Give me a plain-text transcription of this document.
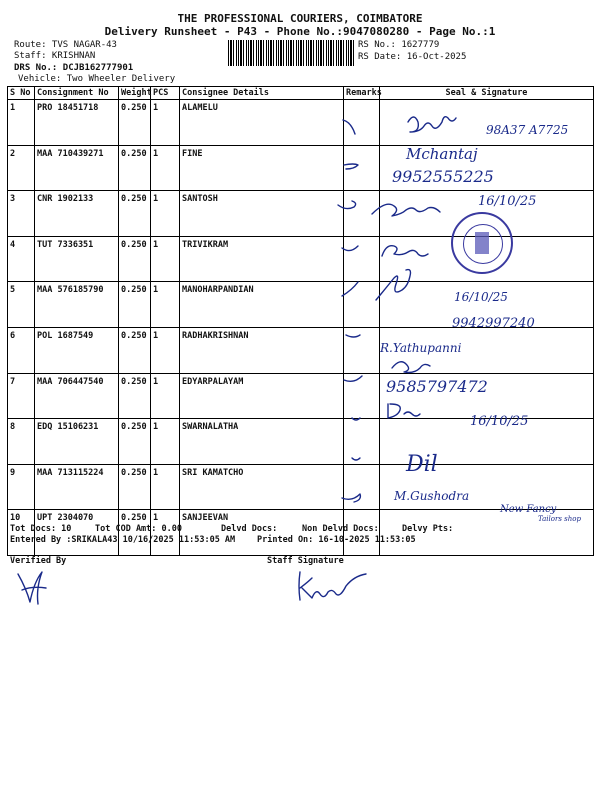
THE PROFESSIONAL COURIERS, COIMBATORE
Delivery Runsheet - P43 - Phone No.:9047080280 - Page No.:1
Route: TVS NAGAR-43
Staff: KRISHNAN
DRS No.: DCJB162777901
Vehicle: Two Wheeler Delivery
RS No.: 1627779
RS Date: 16-Oct-2025
S No	Consignment No	Weight	PCS	Consignee Details	Remarks	Seal & Signature
1	PRO 18451718	0.250	1	ALAMELU		
2	MAA 710439271	0.250	1	FINE		
3	CNR 1902133	0.250	1	SANTOSH		
4	TUT 7336351	0.250	1	TRIVIKRAM		
5	MAA 576185790	0.250	1	MANOHARPANDIAN		
6	POL 1687549	0.250	1	RADHAKRISHNAN		
7	MAA 706447540	0.250	1	EDYARPALAYAM		
8	EDQ 15106231	0.250	1	SWARNALATHA		
9	MAA 713115224	0.250	1	SRI KAMATCHO		
10	UPT 2304070	0.250	1	SANJEEVAN		
98A37 A7725
Mchantaj
9952555225
16/10/25
16/10/25
9942997240
R.Yathupanni
9585797472
16/10/25
Dil
M.Gushodra
New Fancy
Tailors shop
Tot Docs: 10	Tot COD Amt: 0.00	Delvd Docs:	Non Delvd Docs:	Delvy Pts:
Entered By :SRIKALA43 10/16/2025 11:53:05 AM	Printed On: 16-10-2025 11:53:05
Verified By	Staff Signature
